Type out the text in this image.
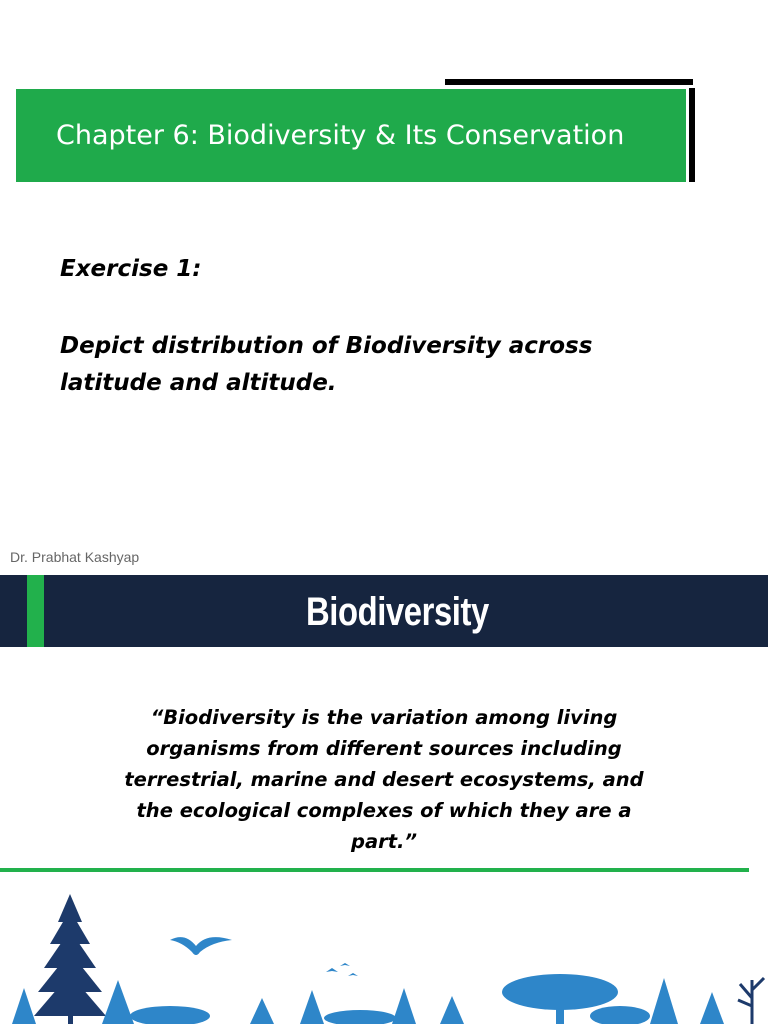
Chapter 6: Biodiversity & Its Conservation
Exercise 1:
Depict distribution of Biodiversity across latitude and altitude.
Dr. Prabhat Kashyap
Biodiversity
“Biodiversity is the variation among living organisms from different sources including terrestrial, marine and desert ecosystems, and the ecological complexes of which they are a part.”
